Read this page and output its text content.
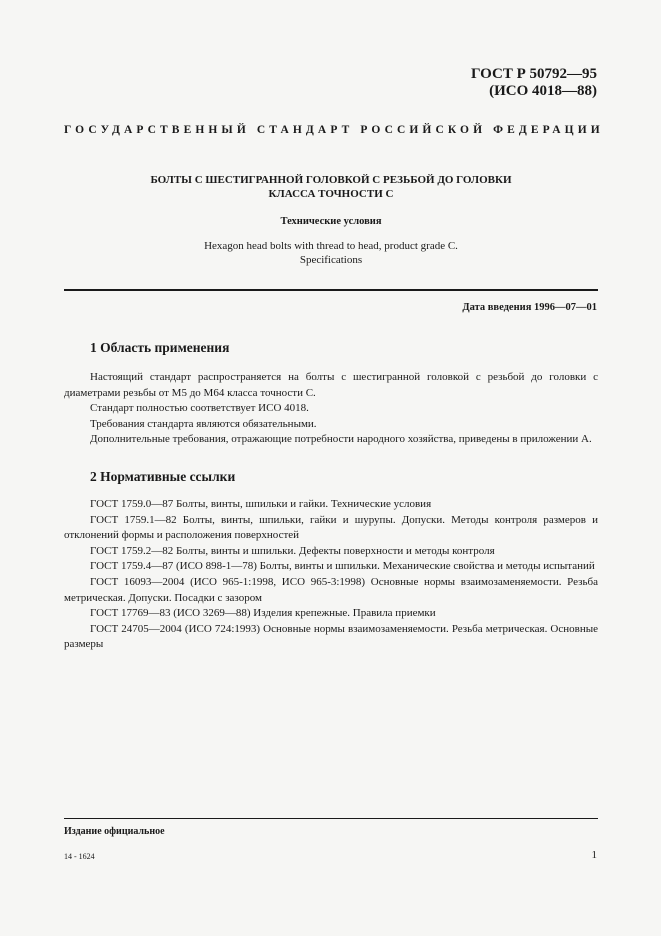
ГОСТ Р 50792—95
(ИСО 4018—88)
ГОСУДАРСТВЕННЫЙ СТАНДАРТ РОССИЙСКОЙ ФЕДЕРАЦИИ
БОЛТЫ С ШЕСТИГРАННОЙ ГОЛОВКОЙ С РЕЗЬБОЙ ДО ГОЛОВКИ
КЛАССА ТОЧНОСТИ С
Технические условия
Hexagon head bolts with thread to head, product grade C.
Specifications
Дата введения 1996—07—01
1 Область применения

Настоящий стандарт распространяется на болты с шестигранной головкой с резьбой до головки с диаметрами резьбы от М5 до М64 класса точности С.

Стандарт полностью соответствует ИСО 4018.

Требования стандарта являются обязательными.

Дополнительные требования, отражающие потребности народного хозяйства, приведены в приложении А.

2 Нормативные ссылки

ГОСТ 1759.0—87 Болты, винты, шпильки и гайки. Технические условия

ГОСТ 1759.1—82 Болты, винты, шпильки, гайки и шурупы. Допуски. Методы контроля размеров и отклонений формы и расположения поверхностей

ГОСТ 1759.2—82 Болты, винты и шпильки. Дефекты поверхности и методы контроля

ГОСТ 1759.4—87 (ИСО 898-1—78) Болты, винты и шпильки. Механические свойства и методы испытаний

ГОСТ 16093—2004 (ИСО 965-1:1998, ИСО 965-3:1998) Основные нормы взаимозаменяемости. Резьба метрическая. Допуски. Посадки с зазором

ГОСТ 17769—83 (ИСО 3269—88) Изделия крепежные. Правила приемки

ГОСТ 24705—2004 (ИСО 724:1993) Основные нормы взаимозаменяемости. Резьба метрическая. Основные размеры

Издание официальное
14 - 1624	1
